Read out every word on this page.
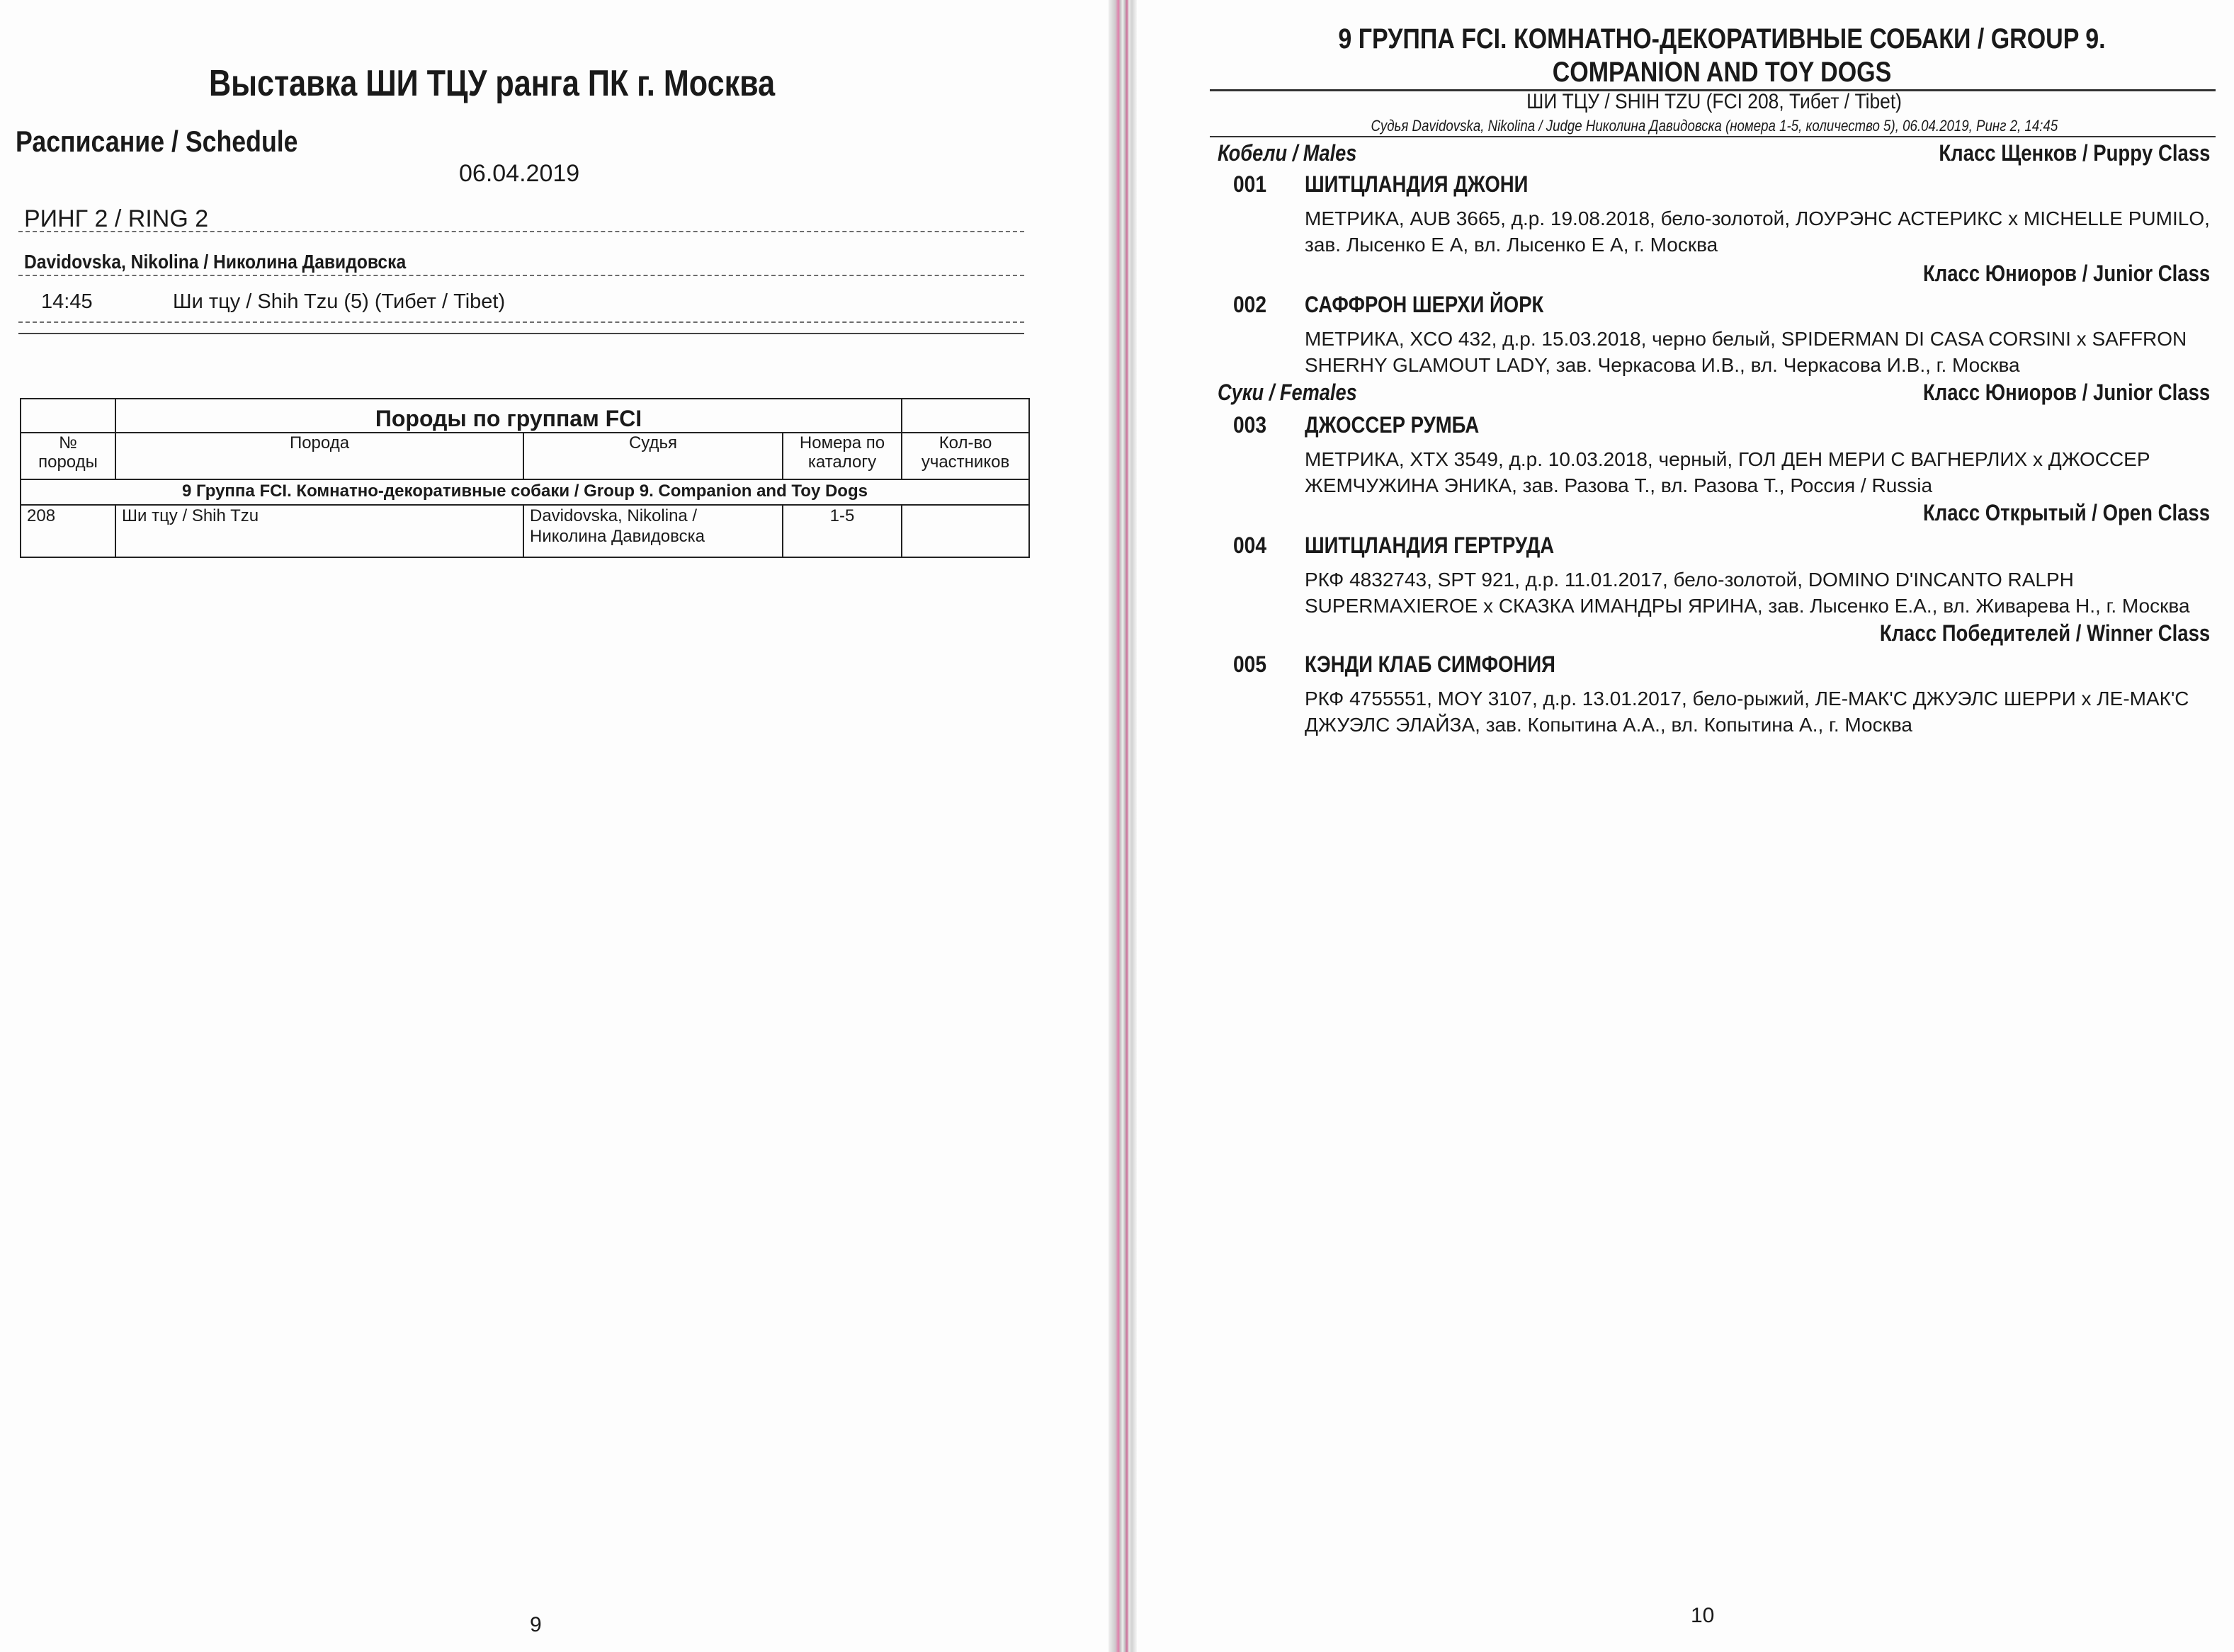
Выставка ШИ ТЦУ ранга ПК г. Москва
Расписание / Schedule
06.04.2019
РИНГ 2 / RING 2
Davidovska, Nikolina / Николина Давидовска
14:45	Ши тцу / Shih Tzu (5) (Тибет / Tibet)
	Породы по группам FCI			
№ породы	Порода	Судья	Номера по каталогу	Кол-во участников
9 Группа FCI. Комнатно-декоративные собаки / Group 9. Companion and Toy Dogs				
208	Ши тцу / Shih Tzu	Davidovska, Nikolina / Николина Давидовска	1-5	
9
9 ГРУППА FCI. КОМНАТНО-ДЕКОРАТИВНЫЕ СОБАКИ / GROUP 9. COMPANION AND TOY DOGS
ШИ ТЦУ / SHIH TZU (FCI 208, Тибет / Tibet)
Судья Davidovska, Nikolina / Judge Николина Давидовска (номера 1-5, количество 5), 06.04.2019, Ринг 2, 14:45
Кобели / Males	Класс Щенков / Puppy Class
001 ШИТЦЛАНДИЯ ДЖОНИ
МЕТРИКА, AUB 3665, д.р. 19.08.2018, бело-золотой, ЛОУРЭНС АСТЕРИКС x MICHELLE PUMILO, зав. Лысенко Е А, вл. Лысенко Е А, г. Москва
Класс Юниоров / Junior Class
002 САФФРОН ШЕРХИ ЙОРК
МЕТРИКА, XCO 432, д.р. 15.03.2018, черно белый, SPIDERMAN DI CASA CORSINI x SAFFRON SHERHY GLAMOUT LADY, зав. Черкасова И.В., вл. Черкасова И.В., г. Москва
Суки / Females	Класс Юниоров / Junior Class
003 ДЖОССЕР РУМБА
МЕТРИКА, XTX 3549, д.р. 10.03.2018, черный, ГОЛ ДЕН МЕРИ С ВАГНЕРЛИХ x ДЖОССЕР ЖЕМЧУЖИНА ЭНИКА, зав. Разова Т., вл. Разова Т., Россия / Russia
Класс Открытый / Open Class
004 ШИТЦЛАНДИЯ ГЕРТРУДА
РКФ 4832743, SPT 921, д.р. 11.01.2017, бело-золотой, DOMINO D'INCANTO RALPH SUPERMAXIEROE x СКАЗКА ИМАНДРЫ ЯРИНА, зав. Лысенко Е.А., вл. Живарева Н., г. Москва
Класс Победителей / Winner Class
005 КЭНДИ КЛАБ СИМФОНИЯ
РКФ 4755551, MOY 3107, д.р. 13.01.2017, бело-рыжий, ЛЕ-МАК'С ДЖУЭЛС ШЕРРИ x ЛЕ-МАК'С ДЖУЭЛС ЭЛАЙЗА, зав. Копытина А.А., вл. Копытина А., г. Москва
10
